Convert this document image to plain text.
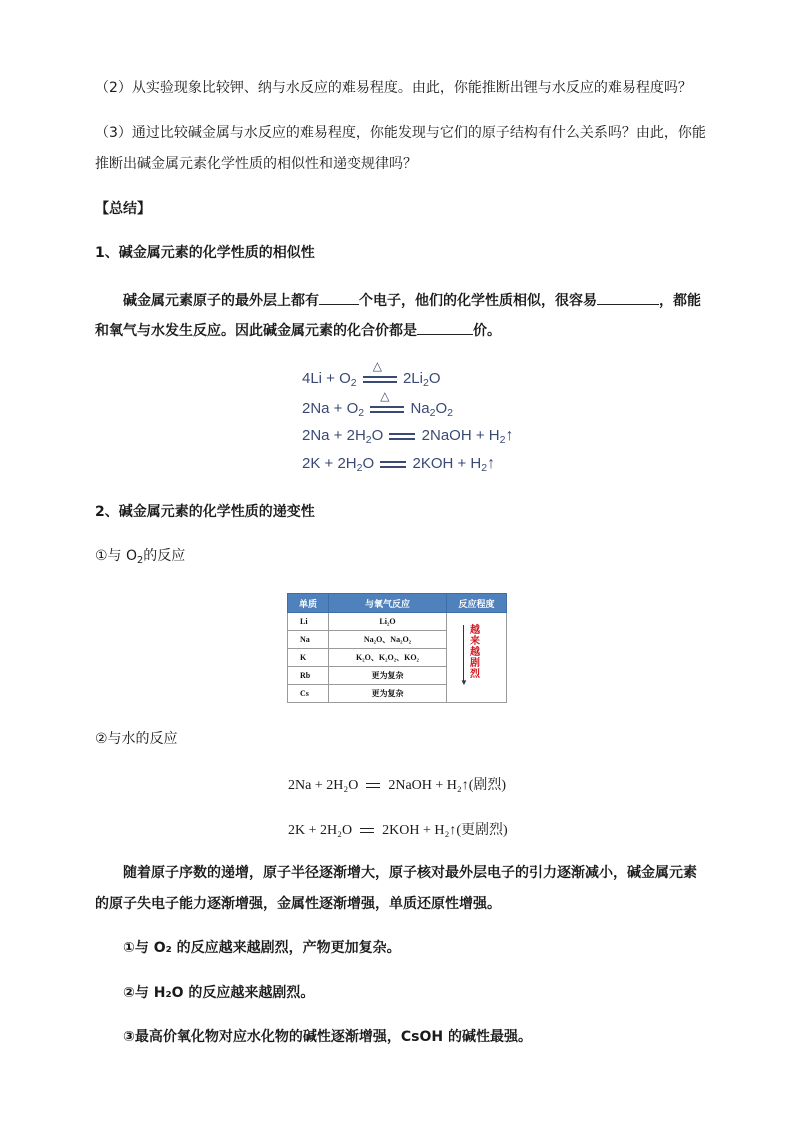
（2）从实验现象比较钾、纳与水反应的难易程度。由此，你能推断出锂与水反应的难易程度吗？
（3）通过比较碱金属与水反应的难易程度，你能发现与它们的原子结构有什么关系吗？由此，你能
推断出碱金属元素化学性质的相似性和递变规律吗？
【总结】
1、碱金属元素的化学性质的相似性
碱金属元素原子的最外层上都有	个电子，他们的化学性质相似，很容易	，都能
和氧气与水发生反应。因此碱金属元素的化合价都是	价。
$4Li + O_2$
△
$2Li_2O$
$2Na + O_2$
△
$Na_2O_2$
$2Na + 2H_2O$	2NaOH + $H_2↑$
$2K + 2H_2O$	$2KOH + H_2↑$
2、碱金属元素的化学性质的递变性
①与 $O_2$的反应
单质	与氧气反应	反应程度
Li	Li₂O	▼
越来越剧烈

Na	Na₂O、Na₂O₂	
K	K₂O、K₂O₂、KO₂	
Rb	更为复杂	
Cs	更为复杂	
②与水的反应
2Na + 2H₂O 2NaOH + H₂↑(剧烈)
2K + 2H₂O 2KOH + H₂↑(更剧烈)
随着原子序数的递增，原子半径逐渐增大，原子核对最外层电子的引力逐渐减小，碱金属元素
的原子失电子能力逐渐增强，金属性逐渐增强，单质还原性增强。
①与 O₂ 的反应越来越剧烈，产物更加复杂。
②与 H₂O 的反应越来越剧烈。
③最高价氧化物对应水化物的碱性逐渐增强，CsOH 的碱性最强。
